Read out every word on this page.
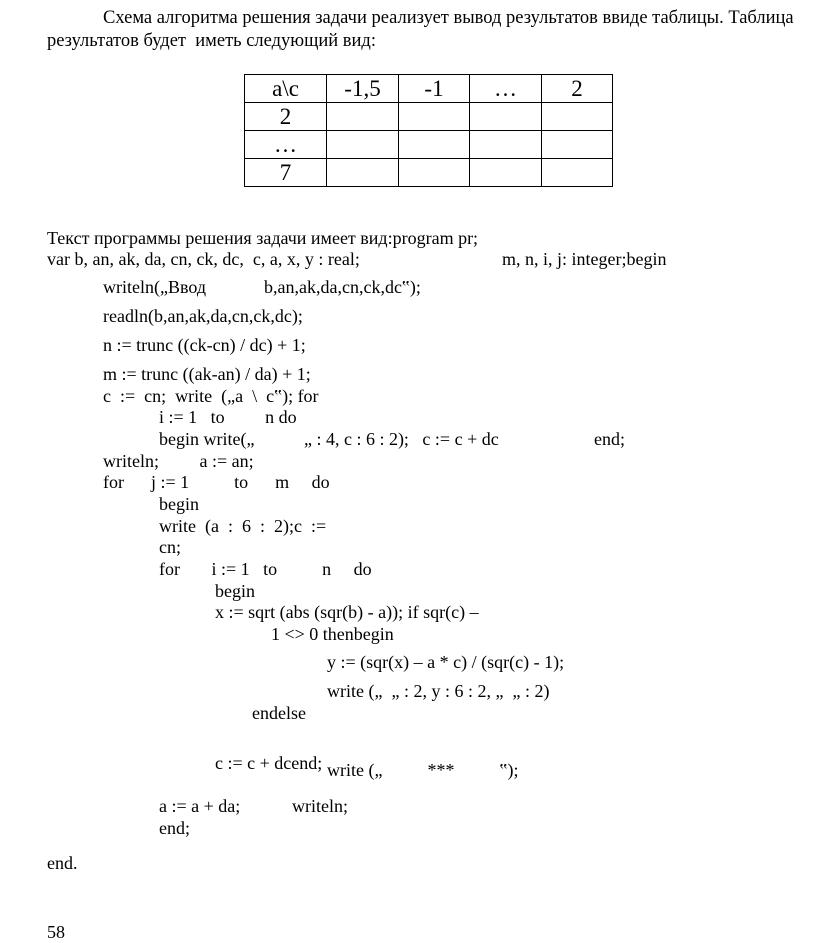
Схема алгоритма решения задачи реализует вывод результатов ввиде таблицы. Таблица
результатов будет  иметь следующий вид:
a\c	-1,5	-1	…	2
2				
…				
7				
Текст программы решения задачи имеет вид:program pr;
var b, an, ak, da, cn, ck, dc,  c, a, x, y : real;	m, n, i, j: integer;begin
writeln(„Ввод	b,an,ak,da,cn,ck,dc‟);
readln(b,an,ak,da,cn,ck,dc);
n := trunc ((ck-cn) / dc) + 1;
m := trunc ((ak-an) / da) + 1;
c  :=  cn;  write  („a  \  c‟); for
i := 1   to         n do
begin write(„           „ : 4, c : 6 : 2);   c := c + dc	end;
writeln;         a := an;
for      j := 1          to      m     do
begin
write  (a  :  6  :  2);c  :=
cn;
for       i := 1   to          n     do
begin
x := sqrt (abs (sqr(b) - a)); if sqr(c) –
1 <> 0 thenbegin
y := (sqr(x) – a * c) / (sqr(c) - 1);
write („  „ : 2, y : 6 : 2, „  „ : 2)
endelse
c := c + dcend; write („          ***          ‟);
a := a + da;	writeln;
end;
end.
58
